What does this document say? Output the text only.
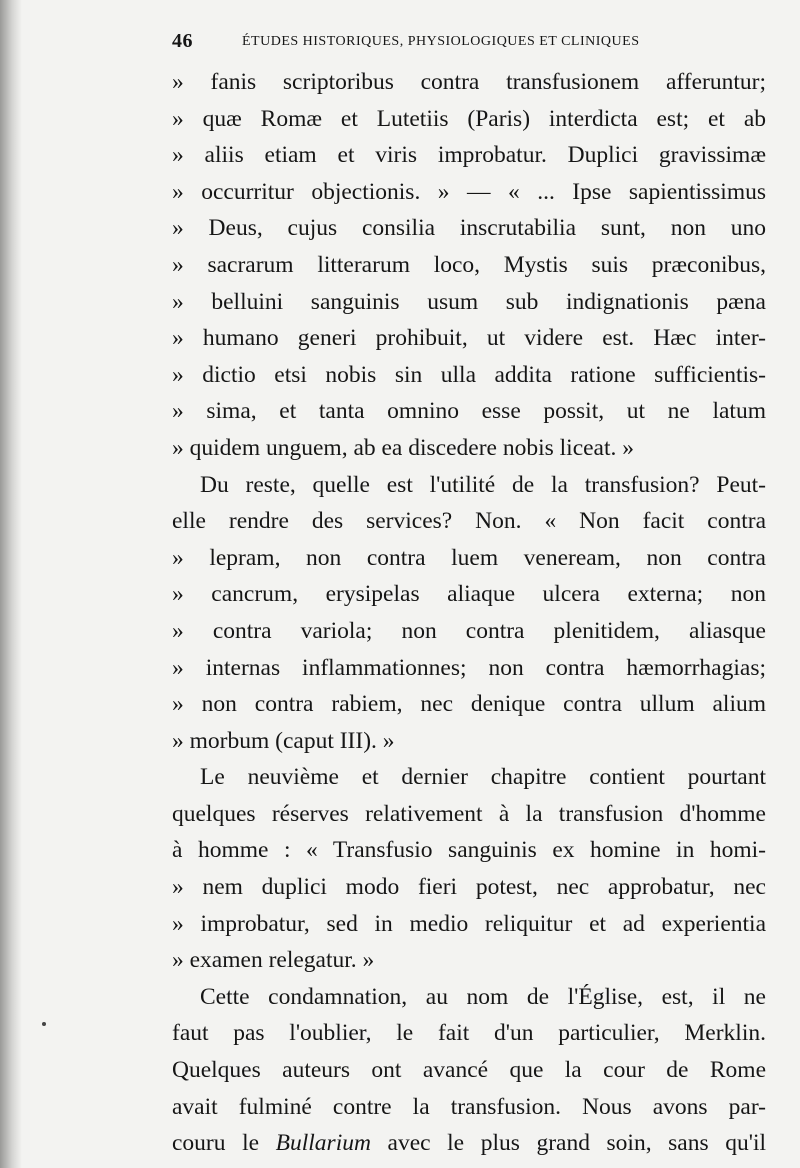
46	ÉTUDES HISTORIQUES, PHYSIOLOGIQUES ET CLINIQUES
» fanis scriptoribus contra transfusionem afferuntur;
» quæ Romæ et Lutetiis (Paris) interdicta est; et ab
» aliis etiam et viris improbatur. Duplici gravissimæ
» occurritur objectionis. » — « ... Ipse sapientissimus
» Deus, cujus consilia inscrutabilia sunt, non uno
» sacrarum litterarum loco, Mystis suis præconibus,
» belluini sanguinis usum sub indignationis pæna
» humano generi prohibuit, ut videre est. Hæc inter-
» dictio etsi nobis sin ulla addita ratione sufficientis-
» sima, et tanta omnino esse possit, ut ne latum
» quidem unguem, ab ea discedere nobis liceat. »
Du reste, quelle est l'utilité de la transfusion? Peut-
elle rendre des services? Non. « Non facit contra
» lepram, non contra luem veneream, non contra
» cancrum, erysipelas aliaque ulcera externa; non
» contra variola; non contra plenitidem, aliasque
» internas inflammationnes; non contra hæmorrhagias;
» non contra rabiem, nec denique contra ullum alium
» morbum (caput III). »
Le neuvième et dernier chapitre contient pourtant
quelques réserves relativement à la transfusion d'homme
à homme : « Transfusio sanguinis ex homine in homi-
» nem duplici modo fieri potest, nec approbatur, nec
» improbatur, sed in medio reliquitur et ad experientia
» examen relegatur. »
Cette condamnation, au nom de l'Église, est, il ne
faut pas l'oublier, le fait d'un particulier, Merklin.
Quelques auteurs ont avancé que la cour de Rome
avait fulminé contre la transfusion. Nous avons par-
couru le Bullarium avec le plus grand soin, sans qu'il
